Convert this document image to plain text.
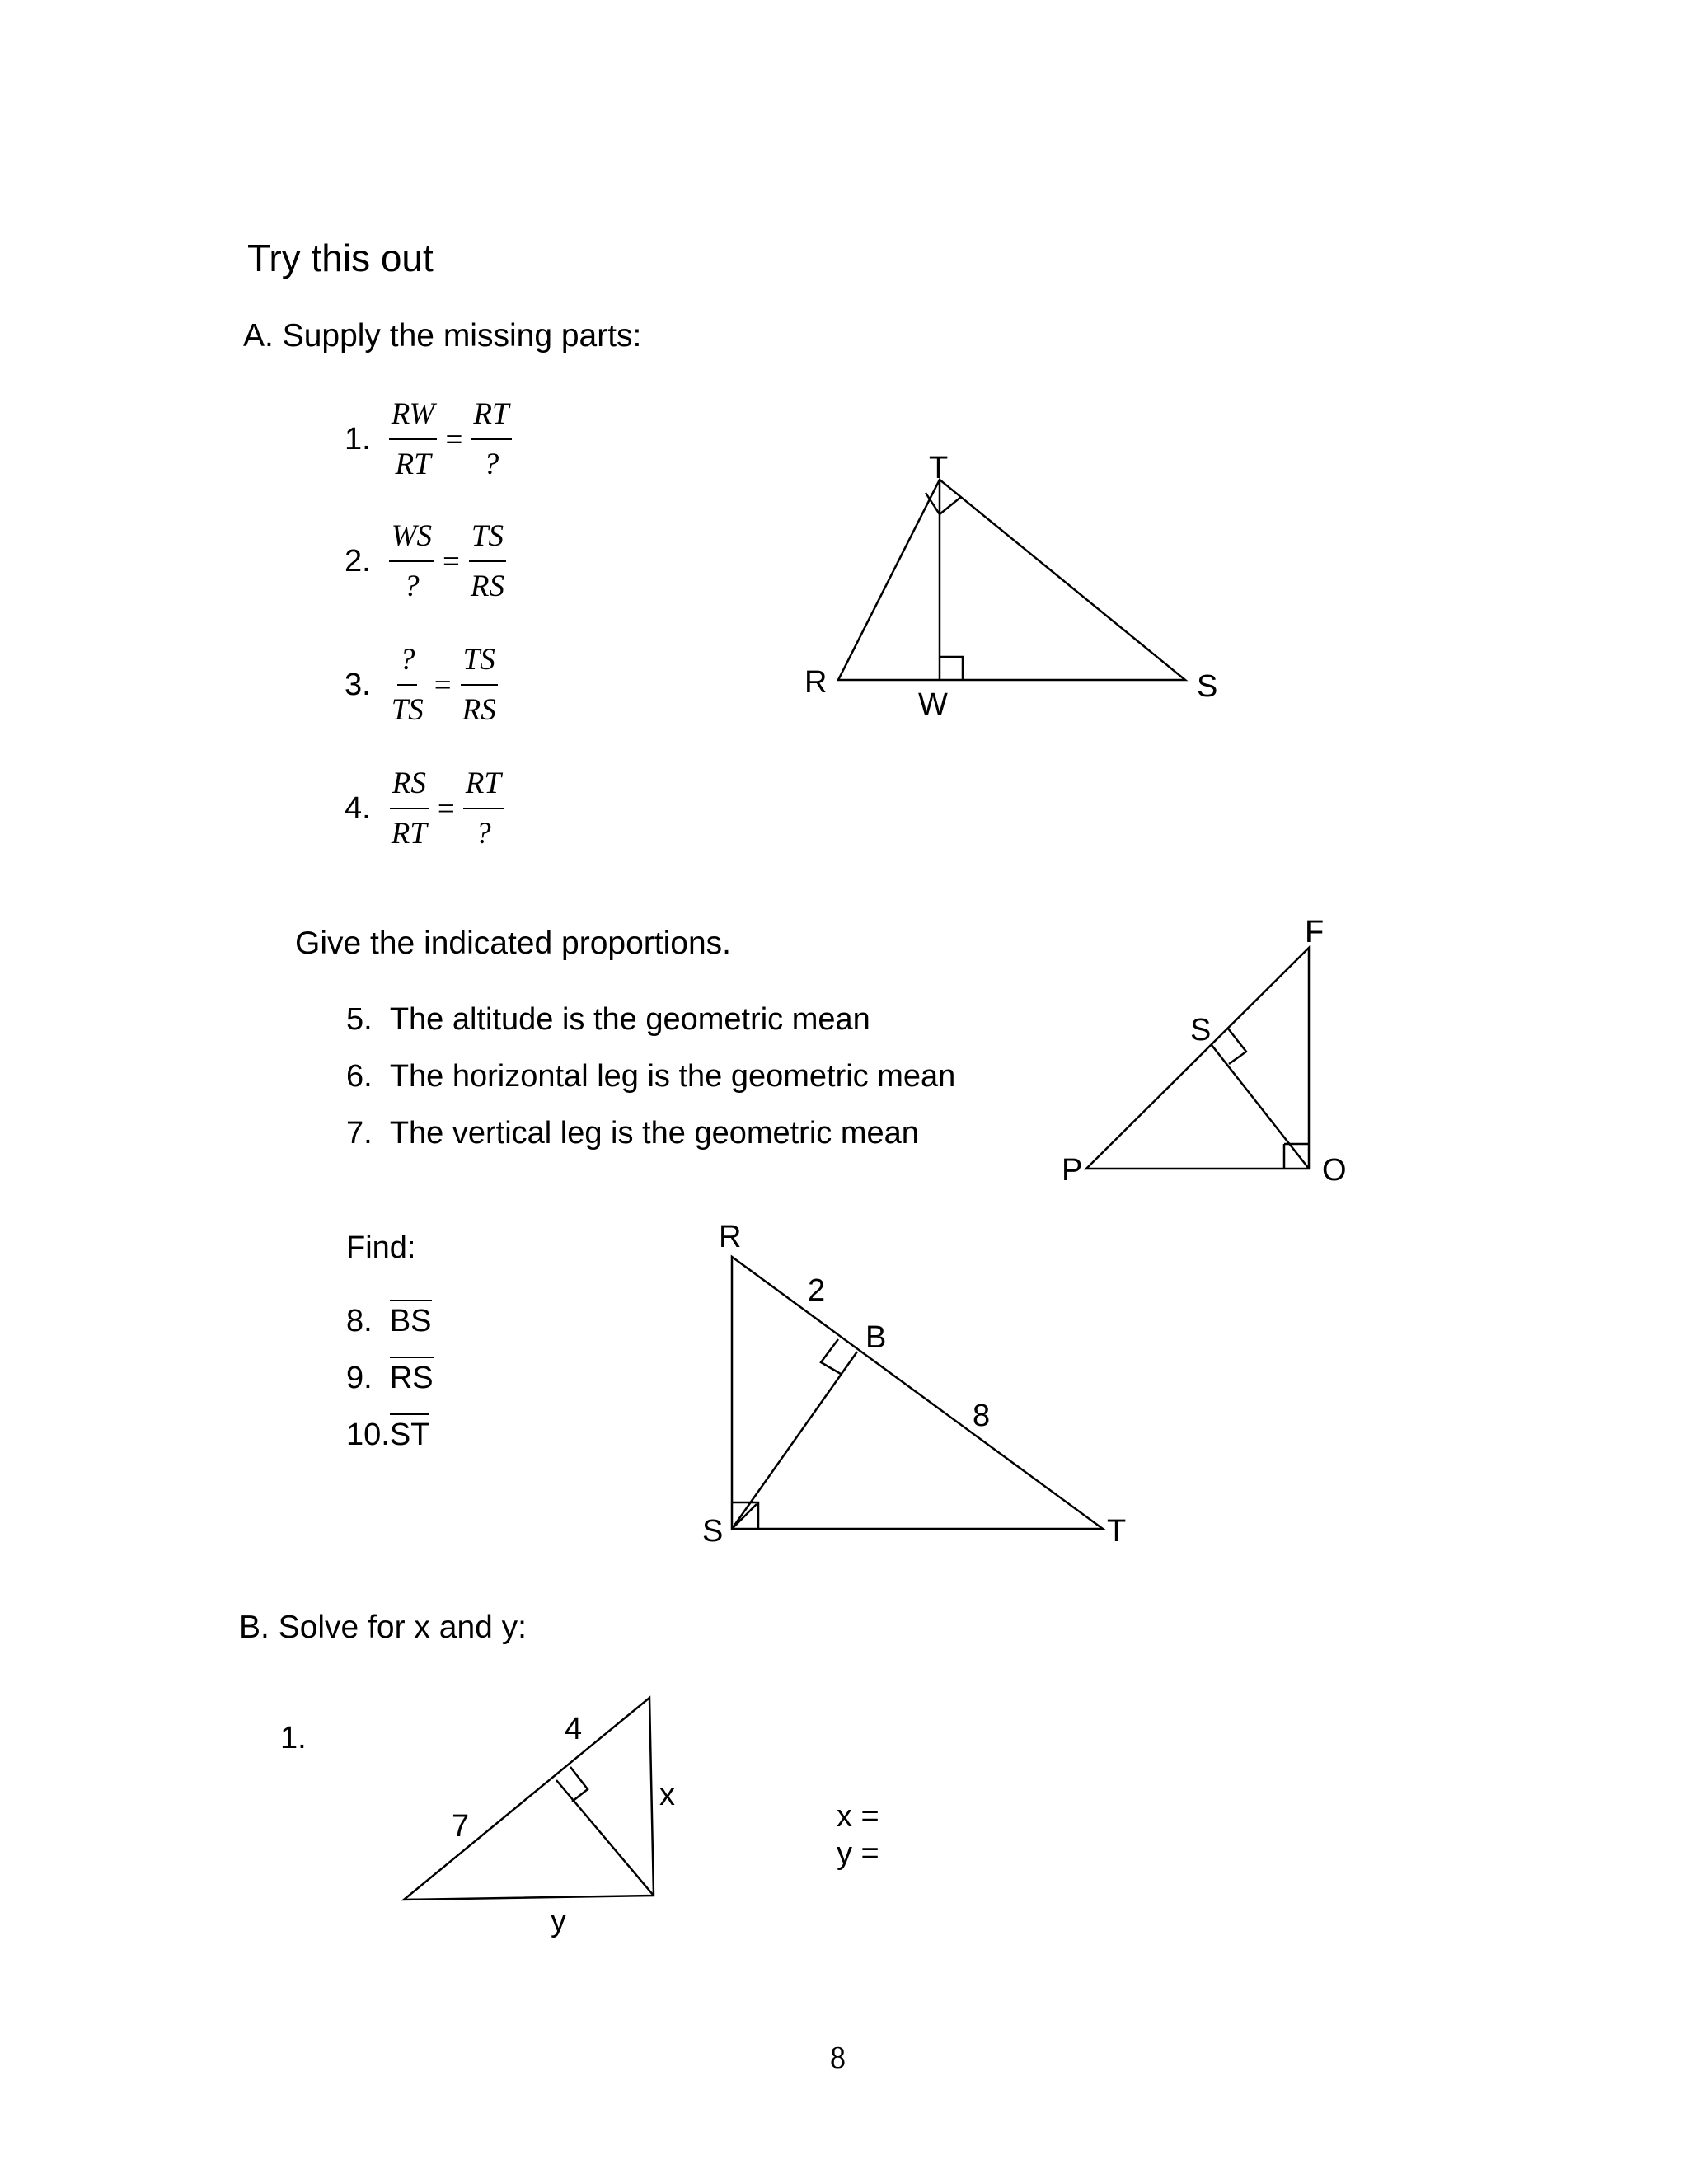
Try this out
A. Supply the missing parts:
1. $\frac{RW}{RT} = \frac{RT}{?}$
2. $\frac{WS}{?} = \frac{TS}{RS}$
3. $\frac{?}{TS} = \frac{TS}{RS}$
4. $\frac{RS}{RT} = \frac{RT}{?}$
Give the indicated proportions.
5. The altitude is the geometric mean
6. The horizontal leg is the geometric mean
7. The vertical leg is the geometric mean
Find:
8. BS
9. RS
10.ST
B. Solve for x and y:
1.
x =
y =
T
R
W
S
F
S
P	O
R
2
B
8
S	T
4
7
x
y
8
